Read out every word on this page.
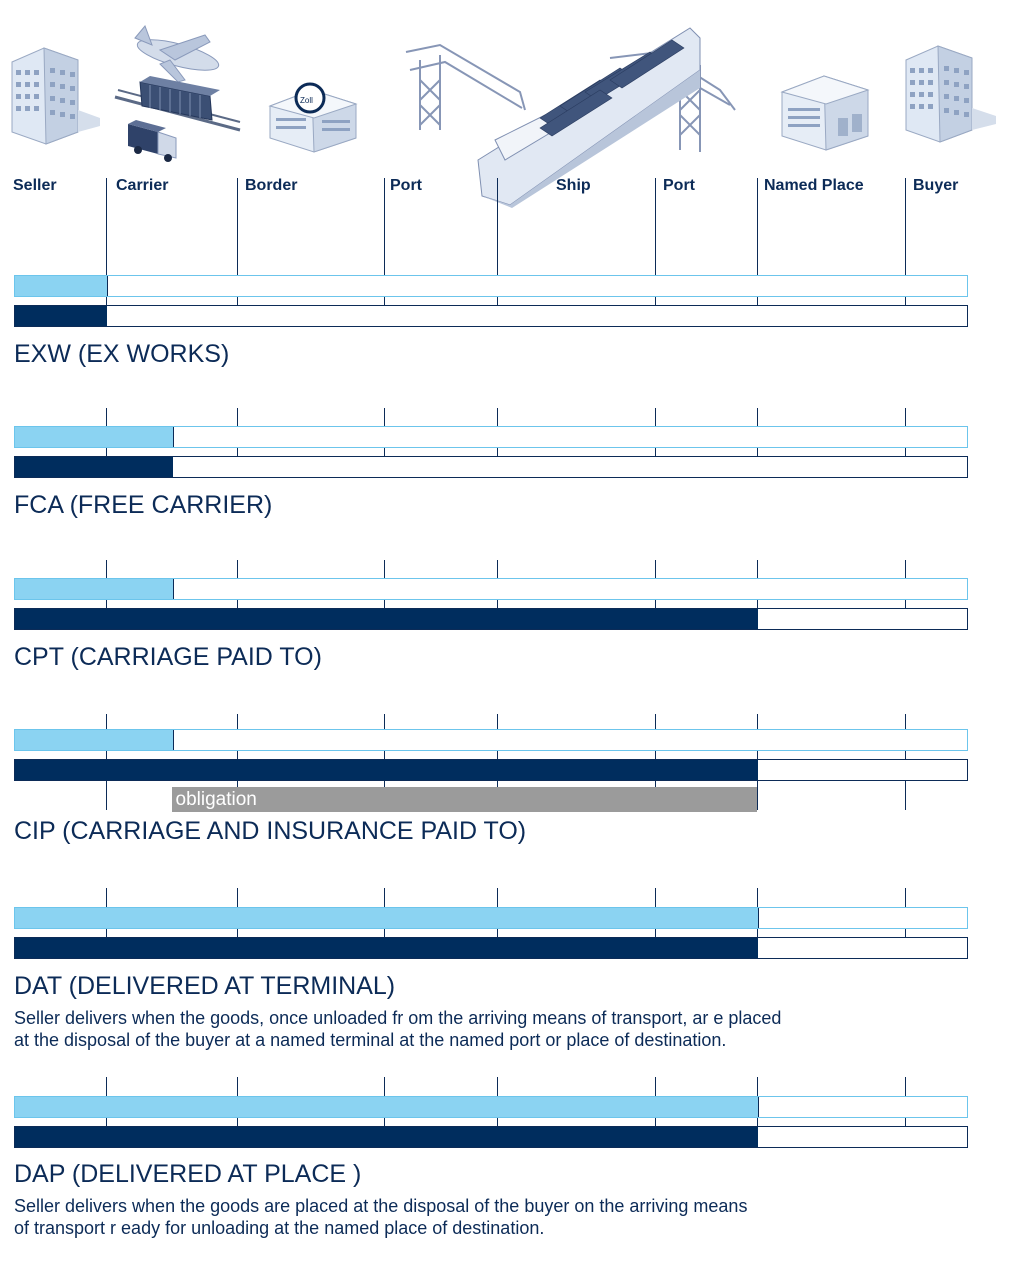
Zoll
Seller	Carrier	Border	Port	Ship	Port	Named Place	Buyer
EXW (EX WORKS)
FCA (FREE CARRIER)
CPT (CARRIAGE PAID TO)
obligation
CIP (CARRIAGE AND INSURANCE PAID TO)
DAT (DELIVERED AT TERMINAL)
Seller delivers when the goods, once unloaded fr om the arriving means of transport, ar e placed
at the disposal of the buyer at a named terminal at the named port or place of destination.
DAP (DELIVERED AT PLACE )
Seller delivers when the goods are placed at the disposal of the buyer on the arriving means
of transport r eady for unloading at the named place of destination.
